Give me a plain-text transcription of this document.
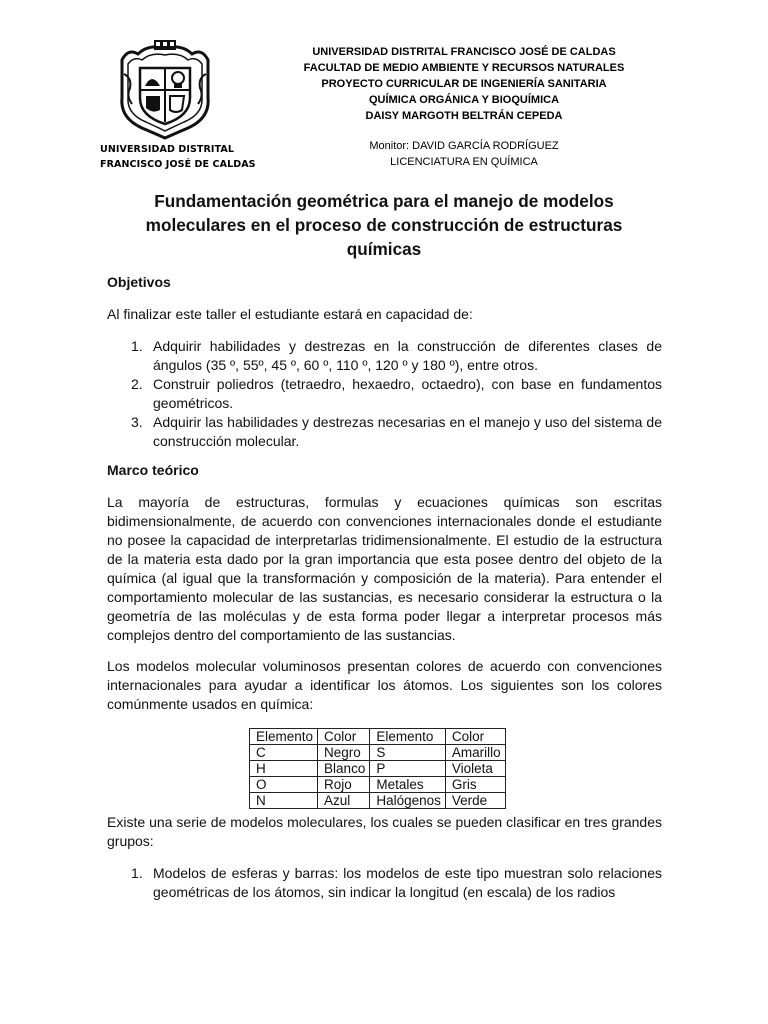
UNIVERSIDAD DISTRITAL
FRANCISCO JOSÉ DE CALDAS
UNIVERSIDAD DISTRITAL FRANCISCO JOSÉ DE CALDAS
FACULTAD DE MEDIO AMBIENTE Y RECURSOS NATURALES
PROYECTO CURRICULAR DE INGENIERÍA SANITARIA
QUÍMICA ORGÁNICA Y BIOQUÍMICA
DAISY MARGOTH BELTRÁN CEPEDA
Monitor: DAVID GARCÍA RODRÍGUEZ
LICENCIATURA EN QUÍMICA
Fundamentación geométrica para el manejo de modelos moleculares en el proceso de construcción de estructuras químicas
Objetivos
Al finalizar este taller el estudiante estará en capacidad de:
1. Adquirir habilidades y destrezas en la construcción de diferentes clases de ángulos (35 º, 55º, 45 º, 60 º, 110 º, 120 º y 180 º), entre otros.
2. Construir poliedros (tetraedro, hexaedro, octaedro), con base en fundamentos geométricos.
3. Adquirir las habilidades y destrezas necesarias en el manejo y uso del sistema de construcción molecular.
Marco teórico
La mayoría de estructuras, formulas y ecuaciones químicas son escritas bidimensionalmente, de acuerdo con convenciones internacionales donde el estudiante no posee la capacidad de interpretarlas tridimensionalmente. El estudio de la estructura de la materia esta dado por la gran importancia que esta posee dentro del objeto de la química (al igual que la transformación y composición de la materia). Para entender el comportamiento molecular de las sustancias, es necesario considerar la estructura o la geometría de las moléculas y de esta forma poder llegar a interpretar procesos más complejos dentro del comportamiento de las sustancias.
Los modelos molecular voluminosos presentan colores de acuerdo con convenciones internacionales para ayudar a identificar los átomos. Los siguientes son los colores comúnmente usados en química:
Elemento	Color	Elemento	Color
C	Negro	S	Amarillo
H	Blanco	P	Violeta
O	Rojo	Metales	Gris
N	Azul	Halógenos	Verde
Existe una serie de modelos moleculares, los cuales se pueden clasificar en tres grandes grupos:
1. Modelos de esferas y barras: los modelos de este tipo muestran solo relaciones geométricas de los átomos, sin indicar la longitud (en escala) de los radios
